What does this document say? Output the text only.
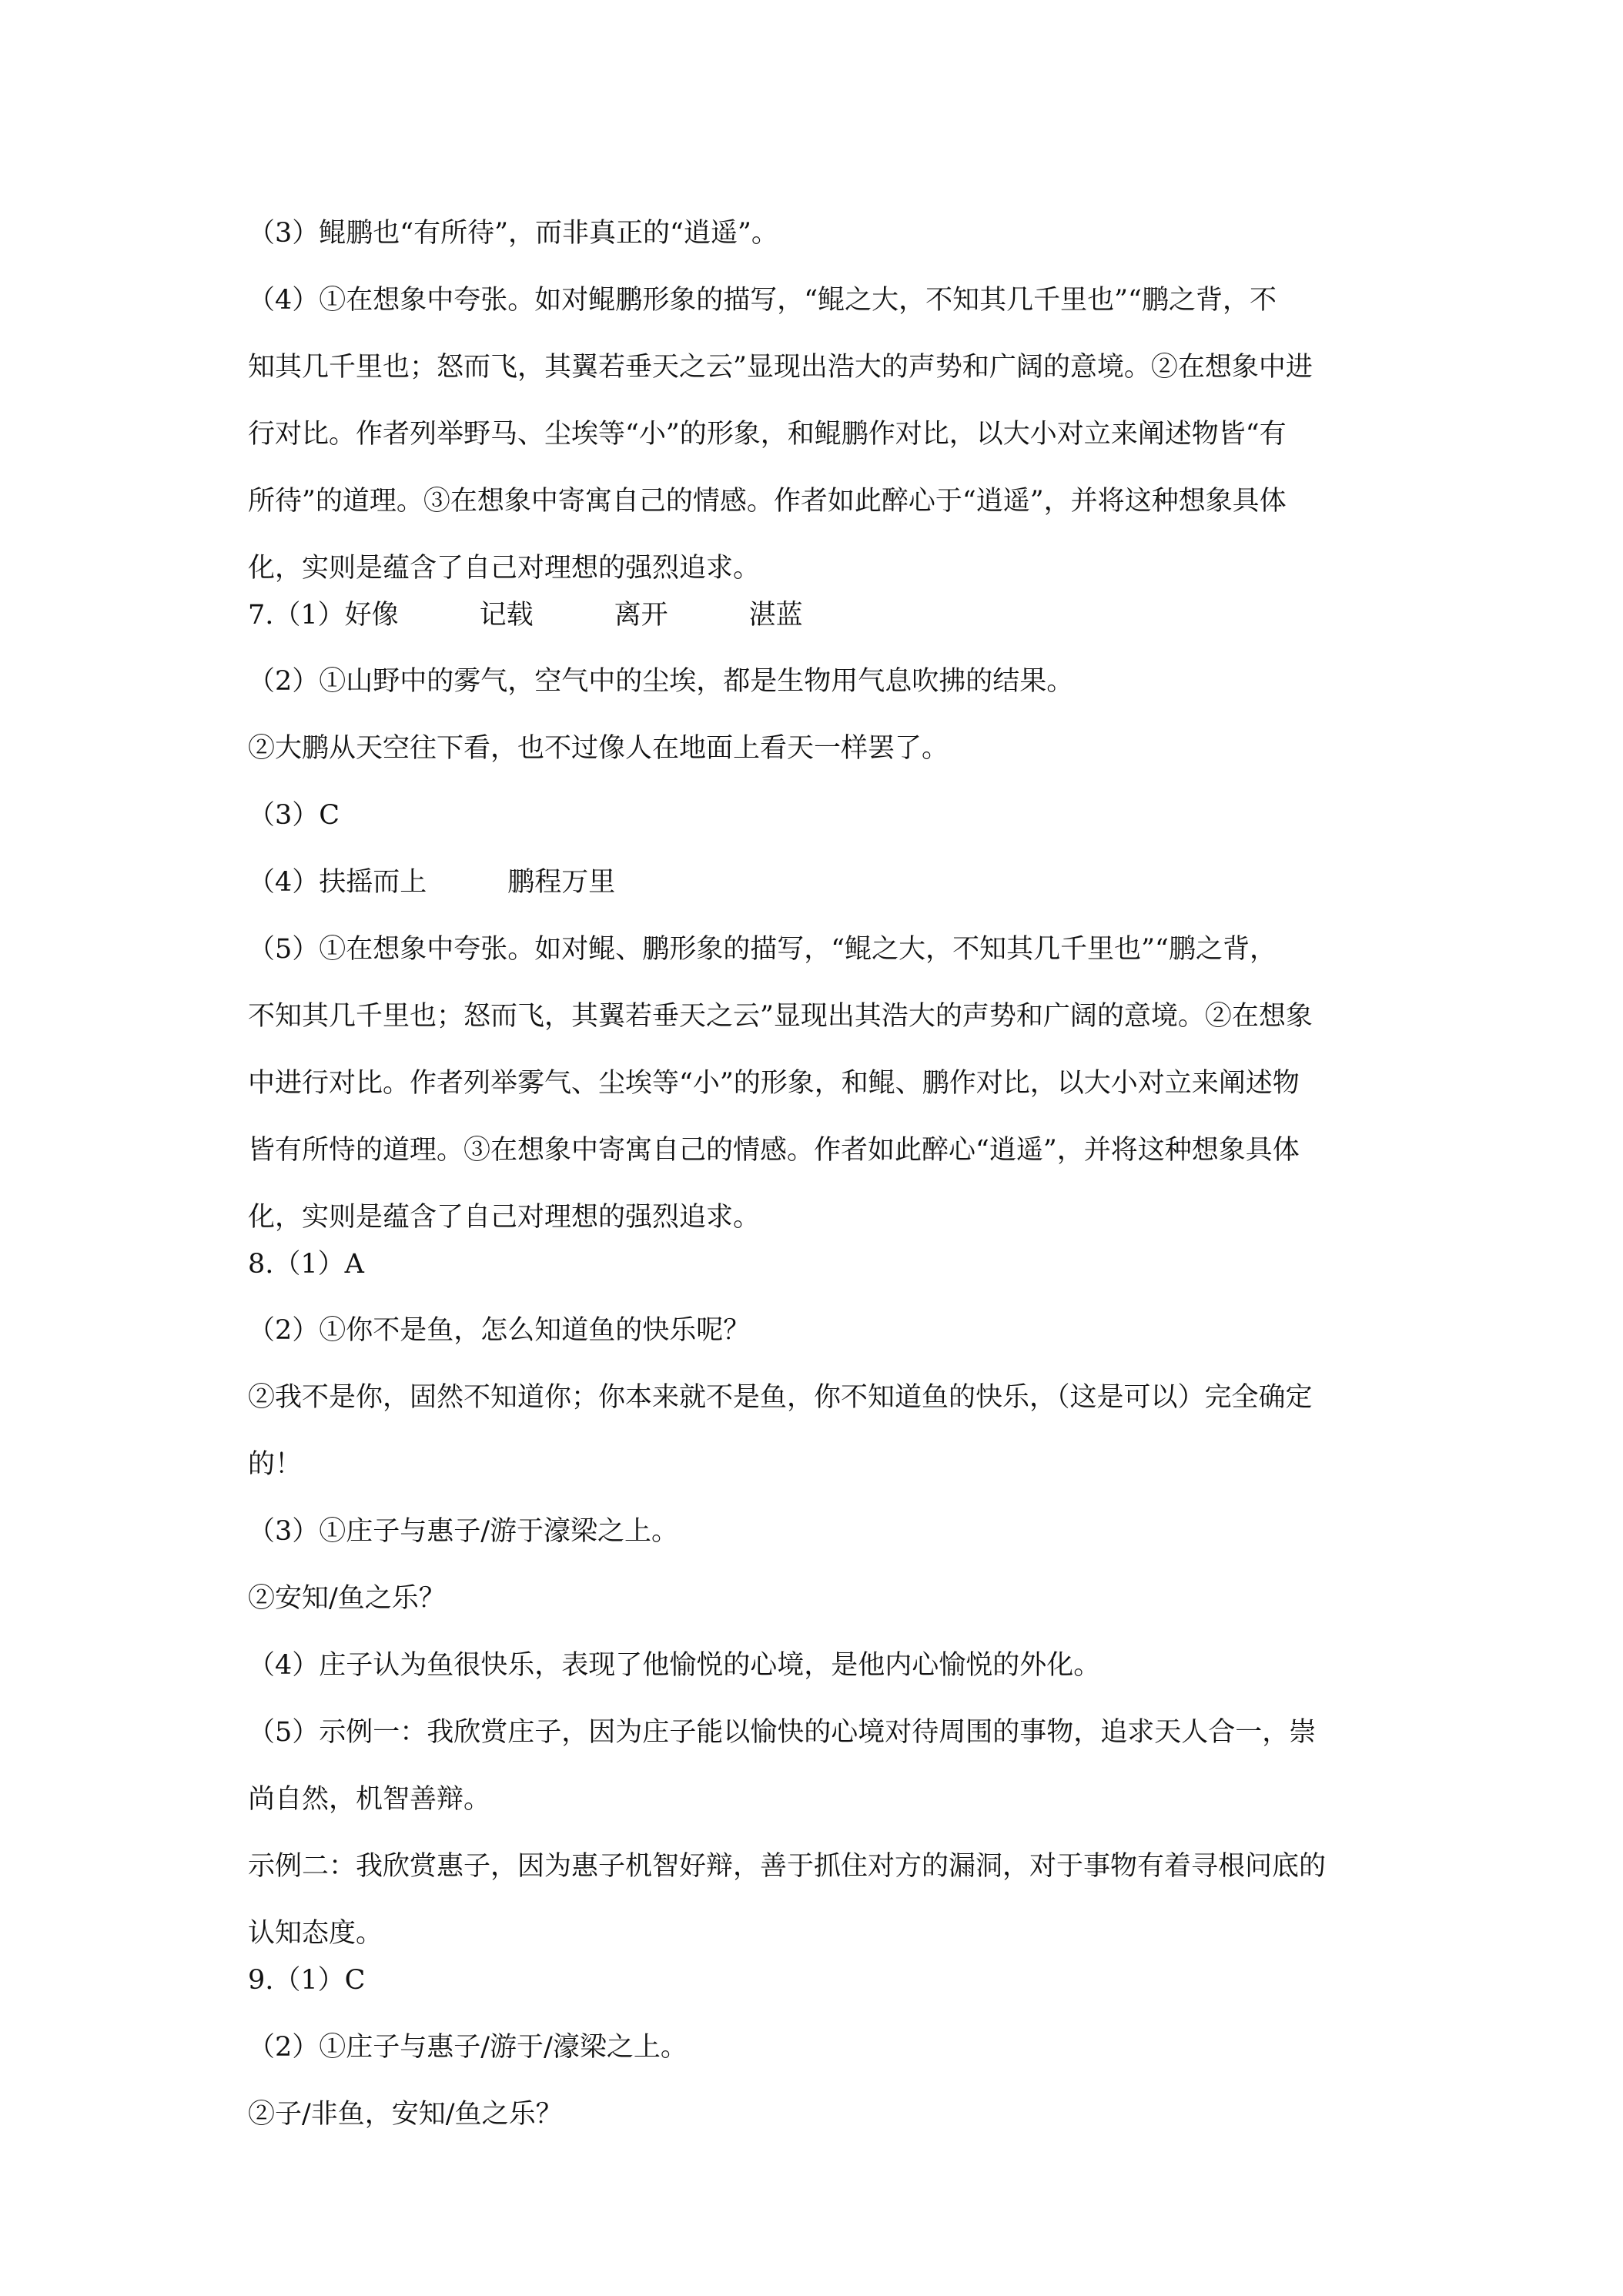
（3）鲲鹏也“有所待”，而非真正的“逍遥”。
（4）①在想象中夸张。如对鲲鹏形象的描写，“鲲之大，不知其几千里也”“鹏之背，不
知其几千里也；怒而飞，其翼若垂天之云”显现出浩大的声势和广阔的意境。②在想象中进
行对比。作者列举野马、尘埃等“小”的形象，和鲲鹏作对比，以大小对立来阐述物皆“有
所待”的道理。③在想象中寄寓自己的情感。作者如此醉心于“逍遥”，并将这种想象具体
化，实则是蕴含了自己对理想的强烈追求。
7.（1）好像　　　记载　　　离开　　　湛蓝
（2）①山野中的雾气，空气中的尘埃，都是生物用气息吹拂的结果。
②大鹏从天空往下看，也不过像人在地面上看天一样罢了。
（3）C
（4）扶摇而上　　　鹏程万里
（5）①在想象中夸张。如对鲲、鹏形象的描写，“鲲之大，不知其几千里也”“鹏之背，
不知其几千里也；怒而飞，其翼若垂天之云”显现出其浩大的声势和广阔的意境。②在想象
中进行对比。作者列举雾气、尘埃等“小”的形象，和鲲、鹏作对比，以大小对立来阐述物
皆有所恃的道理。③在想象中寄寓自己的情感。作者如此醉心“逍遥”，并将这种想象具体
化，实则是蕴含了自己对理想的强烈追求。
8.（1）A
（2）①你不是鱼，怎么知道鱼的快乐呢？
②我不是你，固然不知道你；你本来就不是鱼，你不知道鱼的快乐，（这是可以）完全确定
的！
（3）①庄子与惠子/游于濠梁之上。
②安知/鱼之乐？
（4）庄子认为鱼很快乐，表现了他愉悦的心境，是他内心愉悦的外化。
（5）示例一：我欣赏庄子，因为庄子能以愉快的心境对待周围的事物，追求天人合一，崇
尚自然，机智善辩。
示例二：我欣赏惠子，因为惠子机智好辩，善于抓住对方的漏洞，对于事物有着寻根问底的
认知态度。
9.（1）C
（2）①庄子与惠子/游于/濠梁之上。
②子/非鱼，安知/鱼之乐？
